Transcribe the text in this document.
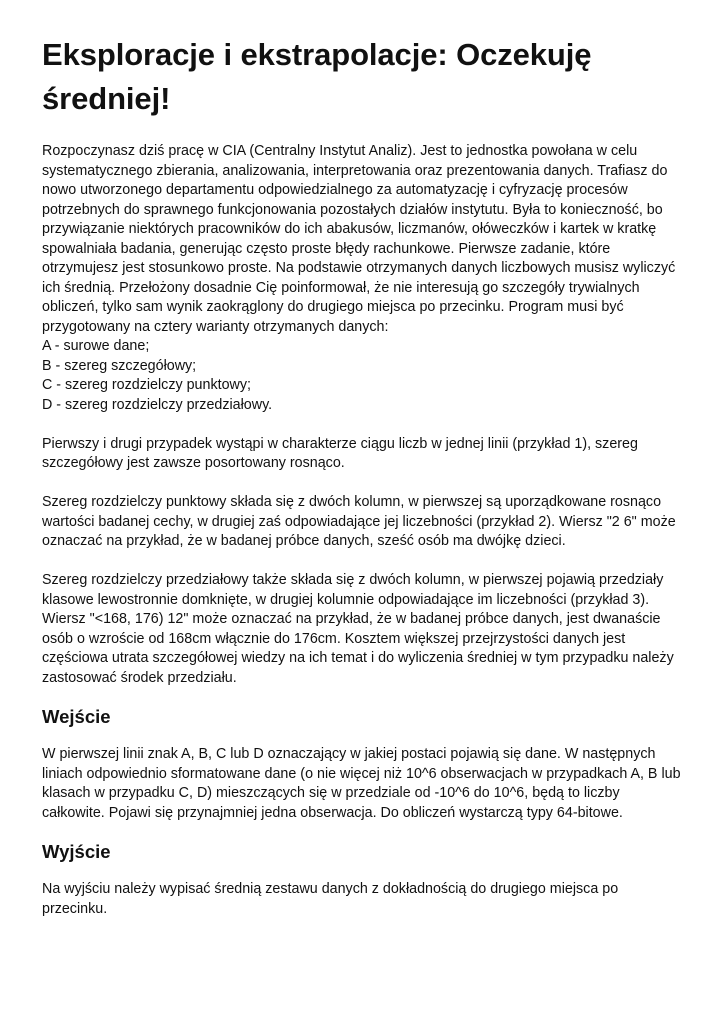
Eksploracje i ekstrapolacje: Oczekuję średniej!

Rozpoczynasz dziś pracę w CIA (Centralny Instytut Analiz). Jest to jednostka powołana w celu systematycznego zbierania, analizowania, interpretowania oraz prezentowania danych. Trafiasz do nowo utworzonego departamentu odpowiedzialnego za automatyzację i cyfryzację procesów potrzebnych do sprawnego funkcjonowania pozostałych działów instytutu. Była to konieczność, bo przywiązanie niektórych pracowników do ich abakusów, liczmanów, ołóweczków i kartek w kratkę spowalniała badania, generując często proste błędy rachunkowe. Pierwsze zadanie, które otrzymujesz jest stosunkowo proste. Na podstawie otrzymanych danych liczbowych musisz wyliczyć ich średnią. Przełożony dosadnie Cię poinformował, że nie interesują go szczegóły trywialnych obliczeń, tylko sam wynik zaokrąglony do drugiego miejsca po przecinku. Program musi być przygotowany na cztery warianty otrzymanych danych:
A - surowe dane;
B - szereg szczegółowy;
C - szereg rozdzielczy punktowy;
D - szereg rozdzielczy przedziałowy.

Pierwszy i drugi przypadek wystąpi w charakterze ciągu liczb w jednej linii (przykład 1), szereg szczegółowy jest zawsze posortowany rosnąco.

Szereg rozdzielczy punktowy składa się z dwóch kolumn, w pierwszej są uporządkowane rosnąco wartości badanej cechy, w drugiej zaś odpowiadające jej liczebności (przykład 2). Wiersz "2 6" może oznaczać na przykład, że w badanej próbce danych, sześć osób ma dwójkę dzieci.

Szereg rozdzielczy przedziałowy także składa się z dwóch kolumn, w pierwszej pojawią przedziały klasowe lewostronnie domknięte, w drugiej kolumnie odpowiadające im liczebności (przykład 3). Wiersz "<168, 176) 12" może oznaczać na przykład, że w badanej próbce danych, jest dwanaście osób o wzroście od 168cm włącznie do 176cm. Kosztem większej przejrzystości danych jest częściowa utrata szczegółowej wiedzy na ich temat i do wyliczenia średniej w tym przypadku należy zastosować środek przedziału.

Wejście

W pierwszej linii znak A, B, C lub D oznaczający w jakiej postaci pojawią się dane. W następnych liniach odpowiednio sformatowane dane (o nie więcej niż 10^6 obserwacjach w przypadkach A, B lub klasach w przypadku C, D) mieszczących się w przedziale od -10^6 do 10^6, będą to liczby całkowite. Pojawi się przynajmniej jedna obserwacja. Do obliczeń wystarczą typy 64-bitowe.

Wyjście

Na wyjściu należy wypisać średnią zestawu danych z dokładnością do drugiego miejsca po przecinku.
